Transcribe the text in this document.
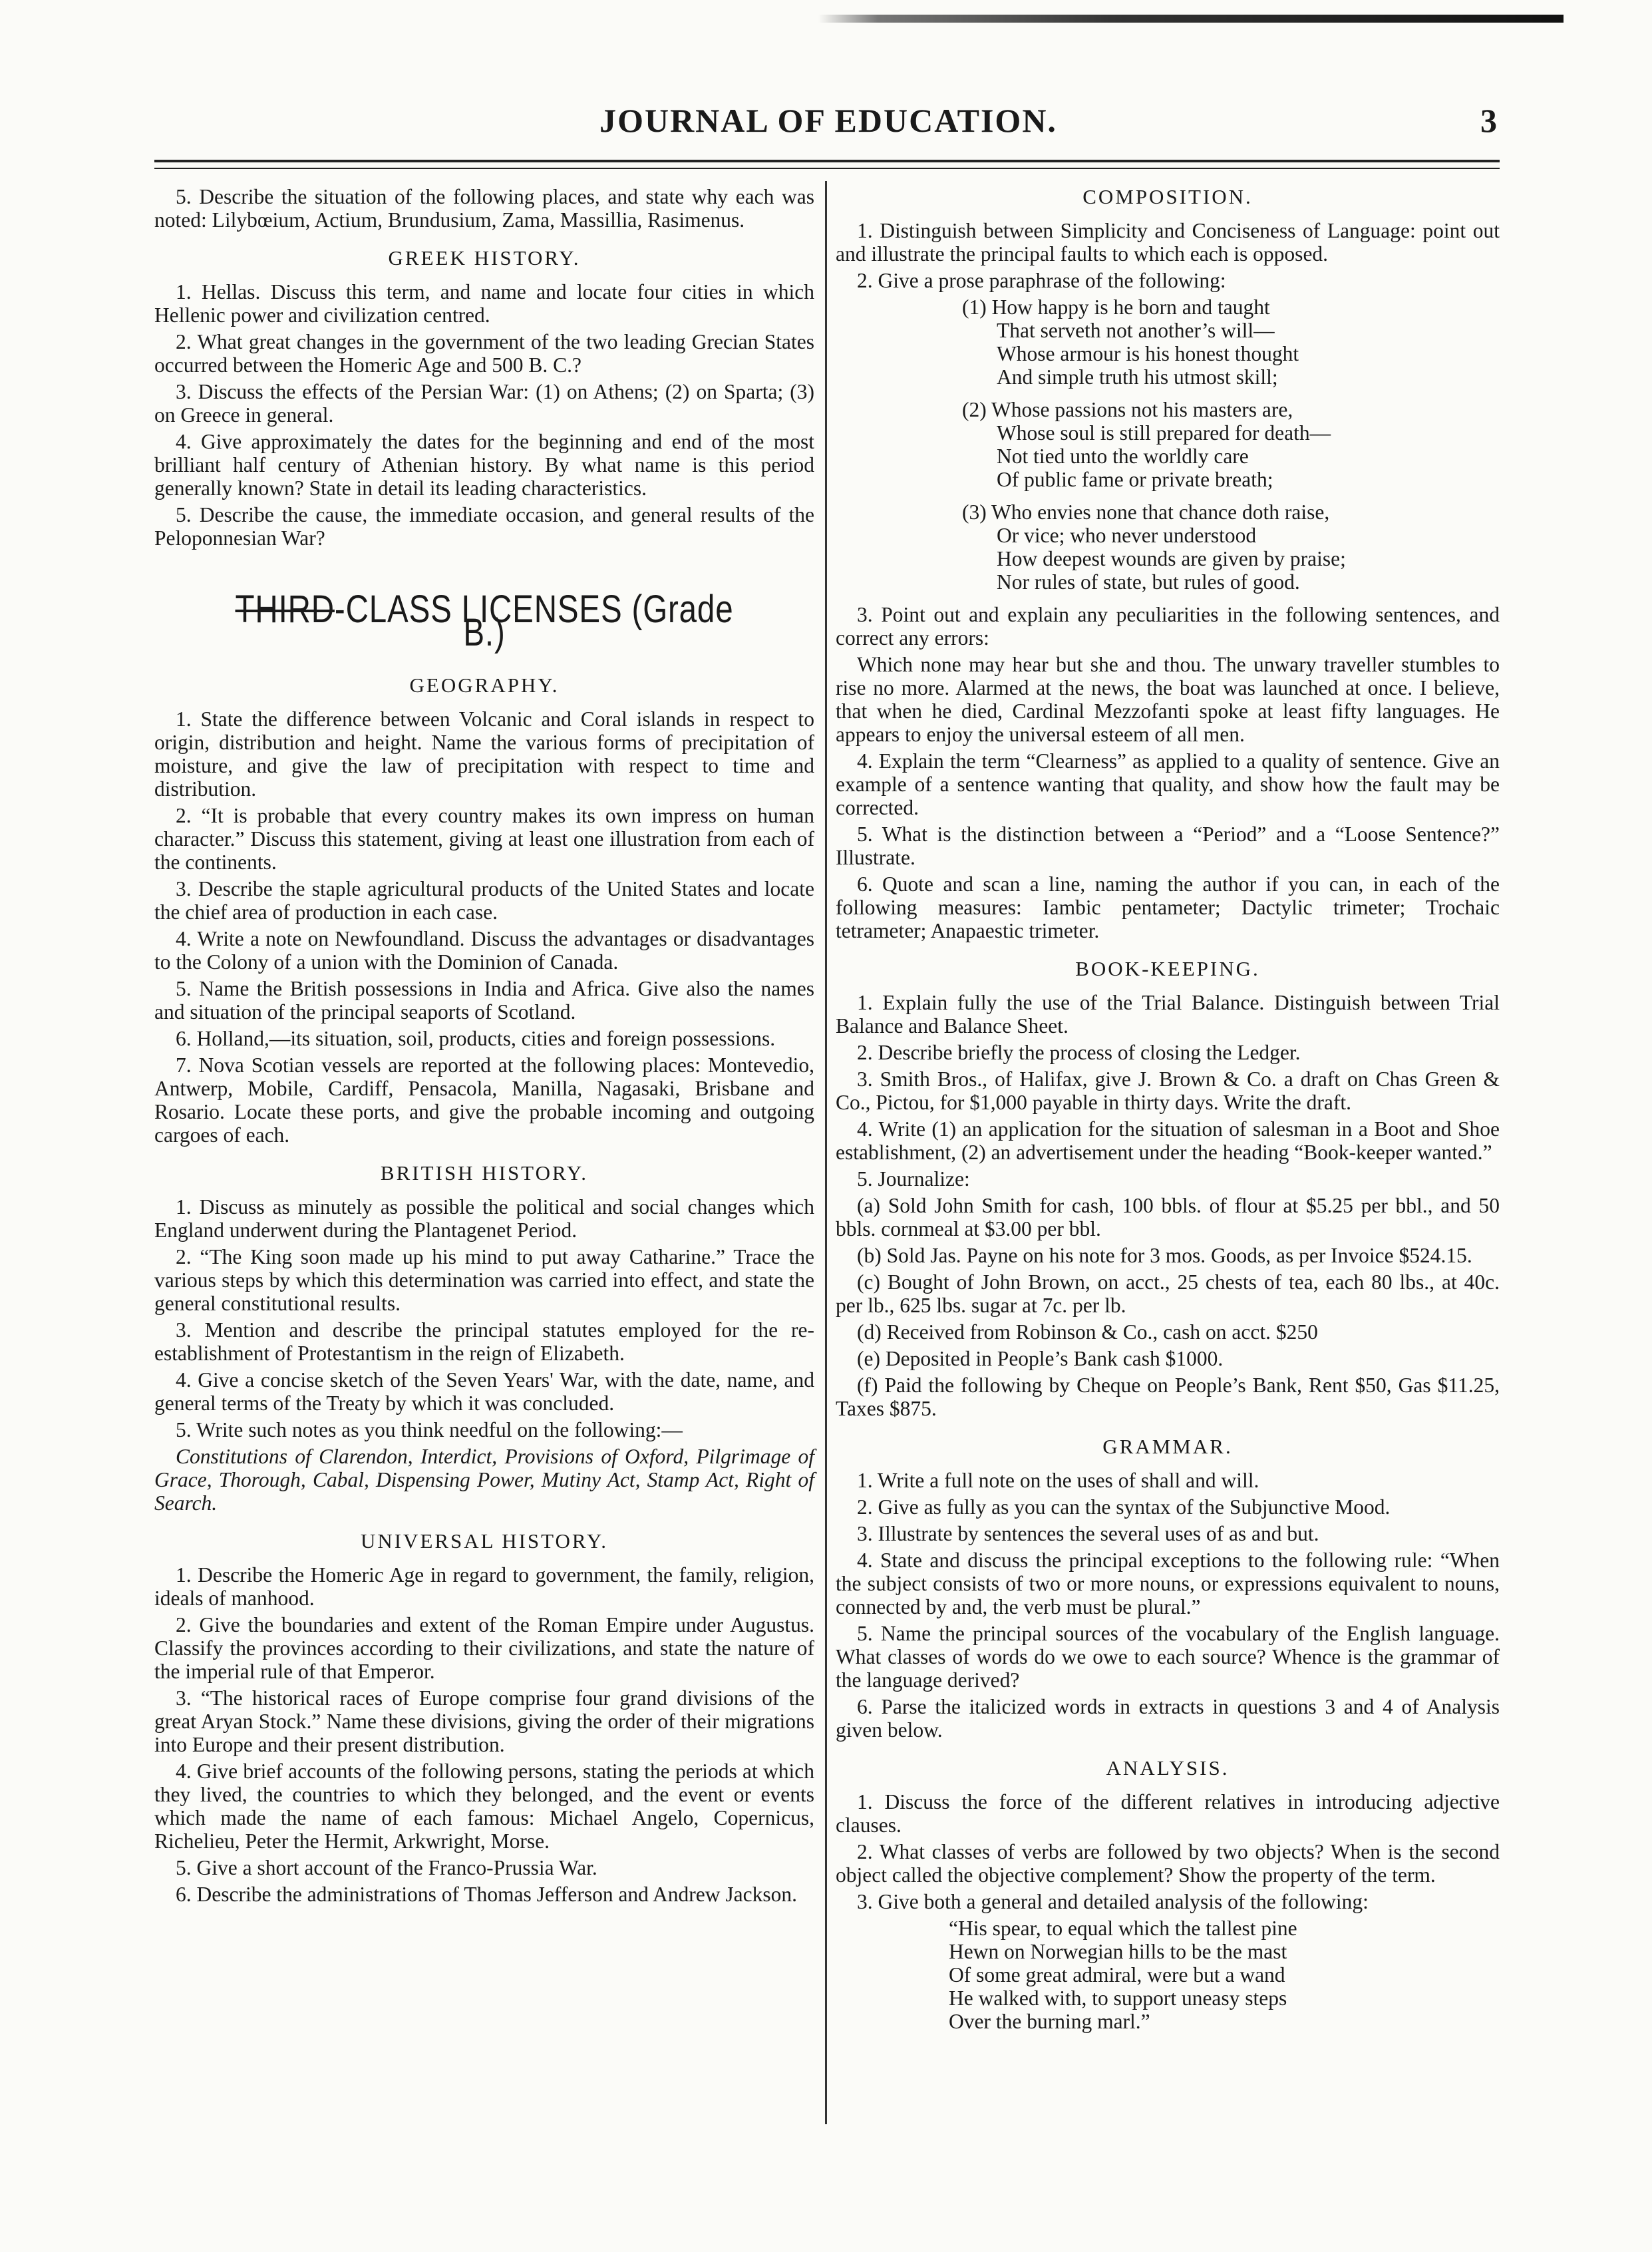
JOURNAL OF EDUCATION.	3

5. Describe the situation of the following places, and state why each was noted: Lilybœium, Actium, Brundusium, Zama, Massillia, Rasimenus.

GREEK HISTORY.

1. Hellas. Discuss this term, and name and locate four cities in which Hellenic power and civilization centred.

2. What great changes in the government of the two leading Grecian States occurred between the Homeric Age and 500 B. C.?

3. Discuss the effects of the Persian War: (1) on Athens; (2) on Sparta; (3) on Greece in general.

4. Give approximately the dates for the beginning and end of the most brilliant half century of Athenian history. By what name is this period generally known? State in detail its leading characteristics.

5. Describe the cause, the immediate occasion, and general results of the Peloponnesian War?

THIRD-CLASS LICENSES (Grade B.)
GEOGRAPHY.

1. State the difference between Volcanic and Coral islands in respect to origin, distribution and height. Name the various forms of precipitation of moisture, and give the law of precipitation with respect to time and distribution.

2. “It is probable that every country makes its own impress on human character.” Discuss this statement, giving at least one illustration from each of the continents.

3. Describe the staple agricultural products of the United States and locate the chief area of production in each case.

4. Write a note on Newfoundland. Discuss the advantages or disadvantages to the Colony of a union with the Dominion of Canada.

5. Name the British possessions in India and Africa. Give also the names and situation of the principal seaports of Scotland.

6. Holland,—its situation, soil, products, cities and foreign possessions.

7. Nova Scotian vessels are reported at the following places: Montevedio, Antwerp, Mobile, Cardiff, Pensacola, Manilla, Nagasaki, Brisbane and Rosario. Locate these ports, and give the probable incoming and outgoing cargoes of each.

BRITISH HISTORY.

1. Discuss as minutely as possible the political and social changes which England underwent during the Plantagenet Period.

2. “The King soon made up his mind to put away Catharine.” Trace the various steps by which this determination was carried into effect, and state the general constitutional results.

3. Mention and describe the principal statutes employed for the re-establishment of Protestantism in the reign of Elizabeth.

4. Give a concise sketch of the Seven Years' War, with the date, name, and general terms of the Treaty by which it was concluded.

5. Write such notes as you think needful on the following:—

Constitutions of Clarendon, Interdict, Provisions of Oxford, Pilgrimage of Grace, Thorough, Cabal, Dispensing Power, Mutiny Act, Stamp Act, Right of Search.

UNIVERSAL HISTORY.

1. Describe the Homeric Age in regard to government, the family, religion, ideals of manhood.

2. Give the boundaries and extent of the Roman Empire under Augustus. Classify the provinces according to their civilizations, and state the nature of the imperial rule of that Emperor.

3. “The historical races of Europe comprise four grand divisions of the great Aryan Stock.” Name these divisions, giving the order of their migrations into Europe and their present distribution.

4. Give brief accounts of the following persons, stating the periods at which they lived, the countries to which they belonged, and the event or events which made the name of each famous: Michael Angelo, Copernicus, Richelieu, Peter the Hermit, Arkwright, Morse.

5. Give a short account of the Franco-Prussia War.

6. Describe the administrations of Thomas Jefferson and Andrew Jackson.

COMPOSITION.

1. Distinguish between Simplicity and Conciseness of Language: point out and illustrate the principal faults to which each is opposed.

2. Give a prose paraphrase of the following:

(1) How happy is he born and taught
That serveth not another’s will—
Whose armour is his honest thought
And simple truth his utmost skill;
(2) Whose passions not his masters are,
Whose soul is still prepared for death—
Not tied unto the worldly care
Of public fame or private breath;
(3) Who envies none that chance doth raise,
Or vice; who never understood
How deepest wounds are given by praise;
Nor rules of state, but rules of good.

3. Point out and explain any peculiarities in the following sentences, and correct any errors:

Which none may hear but she and thou. The unwary traveller stumbles to rise no more. Alarmed at the news, the boat was launched at once. I believe, that when he died, Cardinal Mezzofanti spoke at least fifty languages. He appears to enjoy the universal esteem of all men.

4. Explain the term “Clearness” as applied to a quality of sentence. Give an example of a sentence wanting that quality, and show how the fault may be corrected.

5. What is the distinction between a “Period” and a “Loose Sentence?” Illustrate.

6. Quote and scan a line, naming the author if you can, in each of the following measures: Iambic pentameter; Dactylic trimeter; Trochaic tetrameter; Anapaestic trimeter.

BOOK-KEEPING.

1. Explain fully the use of the Trial Balance. Distinguish between Trial Balance and Balance Sheet.

2. Describe briefly the process of closing the Ledger.

3. Smith Bros., of Halifax, give J. Brown & Co. a draft on Chas Green & Co., Pictou, for $1,000 payable in thirty days. Write the draft.

4. Write (1) an application for the situation of salesman in a Boot and Shoe establishment, (2) an advertisement under the heading “Book-keeper wanted.”

5. Journalize:

(a) Sold John Smith for cash, 100 bbls. of flour at $5.25 per bbl., and 50 bbls. cornmeal at $3.00 per bbl.

(b) Sold Jas. Payne on his note for 3 mos. Goods, as per Invoice $524.15.

(c) Bought of John Brown, on acct., 25 chests of tea, each 80 lbs., at 40c. per lb., 625 lbs. sugar at 7c. per lb.

(d) Received from Robinson & Co., cash on acct. $250

(e) Deposited in People’s Bank cash $1000.

(f) Paid the following by Cheque on People’s Bank, Rent $50, Gas $11.25, Taxes $875.

GRAMMAR.

1. Write a full note on the uses of shall and will.

2. Give as fully as you can the syntax of the Subjunctive Mood.

3. Illustrate by sentences the several uses of as and but.

4. State and discuss the principal exceptions to the following rule: “When the subject consists of two or more nouns, or expressions equivalent to nouns, connected by and, the verb must be plural.”

5. Name the principal sources of the vocabulary of the English language. What classes of words do we owe to each source? Whence is the grammar of the language derived?

6. Parse the italicized words in extracts in questions 3 and 4 of Analysis given below.

ANALYSIS.

1. Discuss the force of the different relatives in introducing adjective clauses.

2. What classes of verbs are followed by two objects? When is the second object called the objective complement? Show the property of the term.

3. Give both a general and detailed analysis of the following:

“His spear, to equal which the tallest pine
Hewn on Norwegian hills to be the mast
Of some great admiral, were but a wand
He walked with, to support uneasy steps
Over the burning marl.”
